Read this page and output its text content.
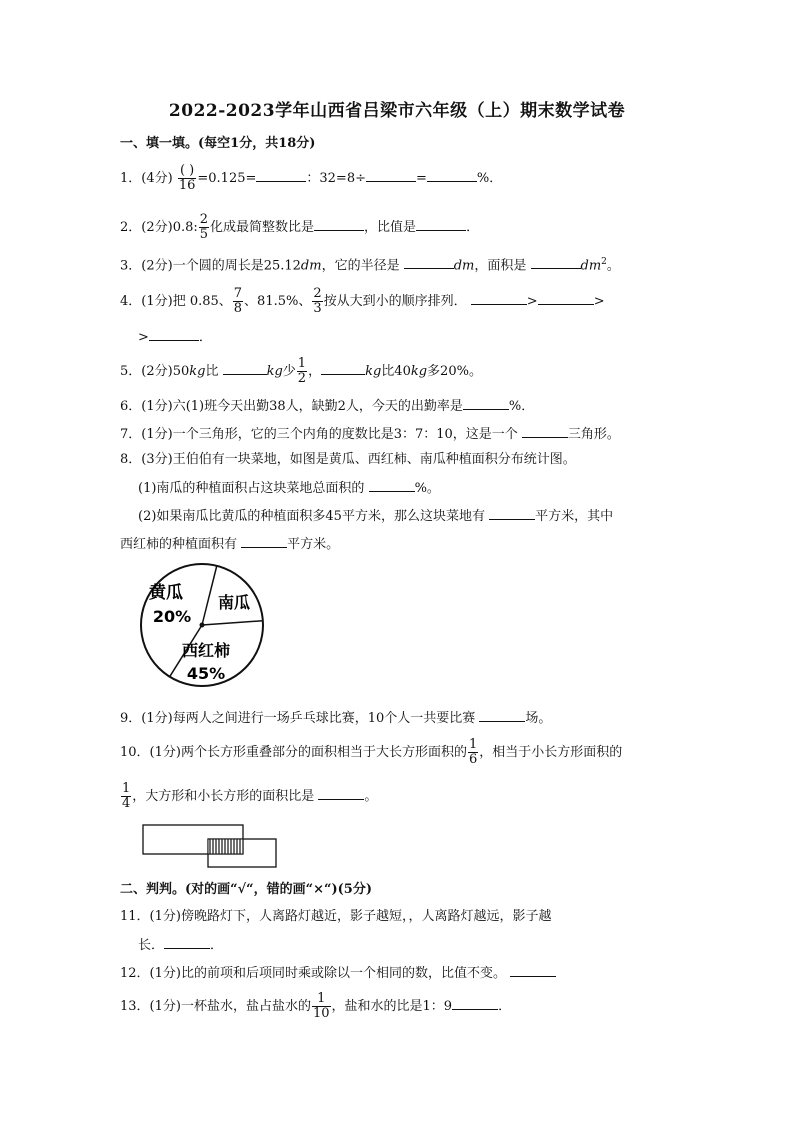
2022-2023学年山西省吕梁市六年级（上）期末数学试卷
一、填一填。(每空1分，共18分)
1．(4分) $\frac{( )}{16} =0.125=$	：32=8÷	=	%．
2．(2分)0.8: $\frac{2}{5}$ 化成最简整数比是	，比值是	．
3．(2分)一个圆的周长是25.12dm，它的半径是	dm，面积是	$dm^2$。
4．(1分)把 0.85、 $\frac{7}{8}$ 、81.5%、 $\frac{2}{3}$ 按从大到小的顺序排列．	>	>
>	．
5．(2分)50kg比	kg少 $\frac{1}{2}$ ，	kg比40kg多20%。
6．(1分)六(1)班今天出勤38人，缺勤2人，今天的出勤率是	%．
7．(1分)一个三角形，它的三个内角的度数比是3：7：10，这是一个	三角形。
8．(3分)王伯伯有一块菜地，如图是黄瓜、西红柿、南瓜种植面积分布统计图。
(1)南瓜的种植面积占这块菜地总面积的	%。
(2)如果南瓜比黄瓜的种植面积多45平方米，那么这块菜地有	平方米，其中
西红柿的种植面积有	平方米。
黄瓜
20%
南瓜
西红柿
45%
9．(1分)每两人之间进行一场乒乓球比赛，10个人一共要比赛	场。
10．(1分)两个长方形重叠部分的面积相当于大长方形面积的 $\frac{1}{6}$ ，相当于小长方形面积的
$\frac{1}{4}$ ，大方形和小长方形的面积比是	。
二、判判。(对的画“√“，错的画“×“)(5分)
11．(1分)傍晚路灯下，人离路灯越近，影子越短，，人离路灯越远，影子越
长．	．
12．(1分)比的前项和后项同时乘或除以一个相同的数，比值不变。
13．(1分)一杯盐水，盐占盐水的 $\frac{1}{10}$ ，盐和水的比是1：9	．
